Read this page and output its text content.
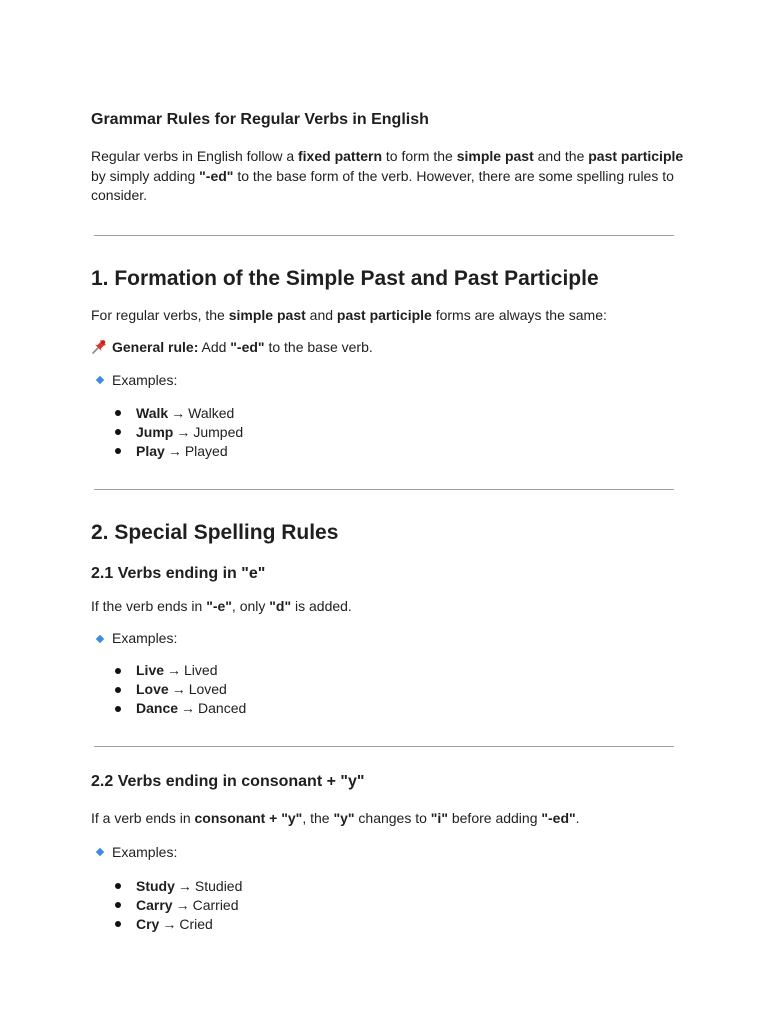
Grammar Rules for Regular Verbs in English

Regular verbs in English follow a fixed pattern to form the simple past and the past participle by simply adding "-ed" to the base form of the verb. However, there are some spelling rules to consider.

1. Formation of the Simple Past and Past Participle

For regular verbs, the simple past and past participle forms are always the same:

General rule: Add "-ed" to the base verb.

Examples:
Walk → Walked
Jump → Jumped
Play → Played
2. Special Spelling Rules
2.1 Verbs ending in "e"

If the verb ends in "-e", only "d" is added.

Examples:
Live → Lived
Love → Loved
Dance → Danced
2.2 Verbs ending in consonant + "y"

If a verb ends in consonant + "y", the "y" changes to "i" before adding "-ed".

Examples:
Study → Studied
Carry → Carried
Cry → Cried
